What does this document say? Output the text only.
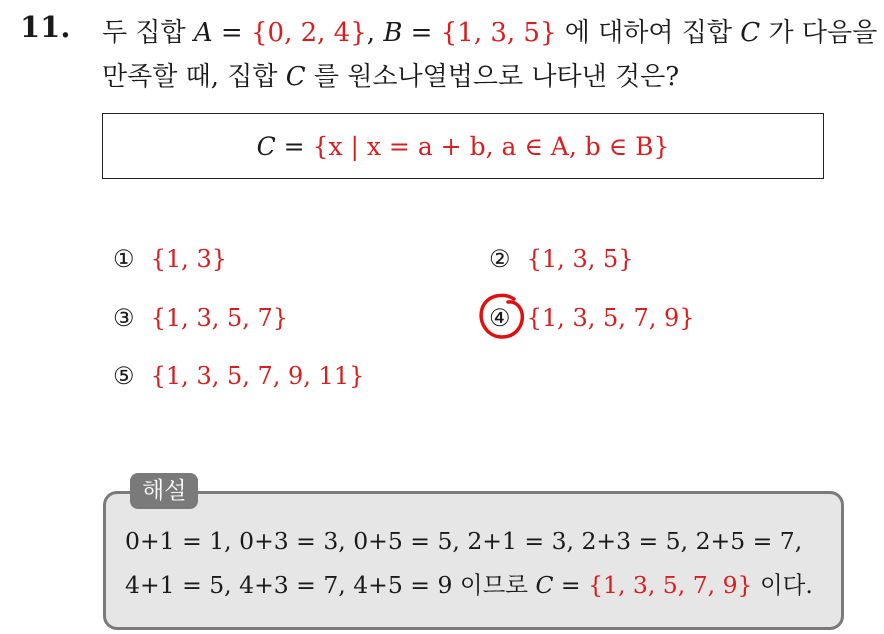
11. 두 집합 A = {0, 2, 4}, B = {1, 3, 5} 에 대하여 집합 C 가 다음을
만족할 때, 집합 C 를 원소나열법으로 나타낸 것은?
C = {x | x = a + b, a ∈ A, b ∈ B}
① {1, 3}	② {1, 3, 5}
③ {1, 3, 5, 7}	④ {1, 3, 5, 7, 9}
⑤ {1, 3, 5, 7, 9, 11}
해설
0+1 = 1, 0+3 = 3, 0+5 = 5, 2+1 = 3, 2+3 = 5, 2+5 = 7,
4+1 = 5, 4+3 = 7, 4+5 = 9 이므로 C = {1, 3, 5, 7, 9} 이다.
